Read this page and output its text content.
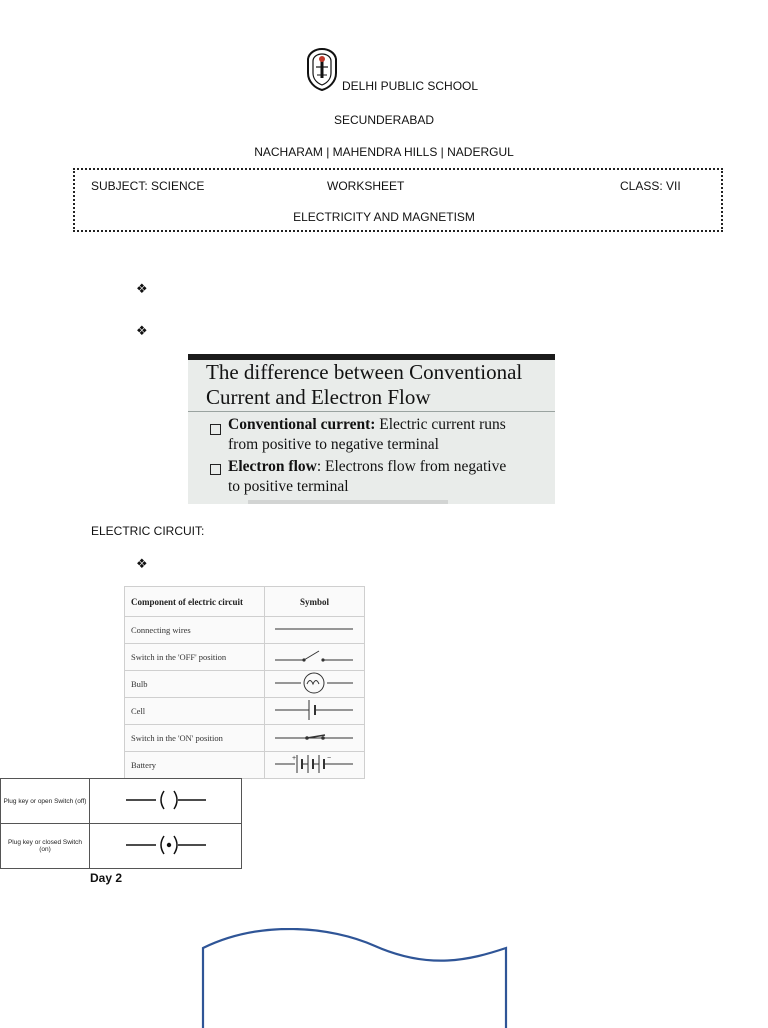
DELHI PUBLIC SCHOOL
SECUNDERABAD
NACHARAM | MAHENDRA HILLS | NADERGUL
SUBJECT: SCIENCE	WORKSHEET	CLASS: VII
ELECTRICITY AND MAGNETISM
❖
❖
The difference between Conventional
Current and Electron Flow
Conventional current: Electric current runs
from positive to negative terminal
Electron flow: Electrons flow from negative
to positive terminal
ELECTRIC CIRCUIT:
❖
Component of electric circuit	Symbol
Connecting wires	
Switch in the 'OFF' position	
Bulb	
Cell	
Switch in the 'ON' position	
Battery	+ −
Plug key or open Switch (off)	
Plug key or closed Switch (on)	
Day 2
